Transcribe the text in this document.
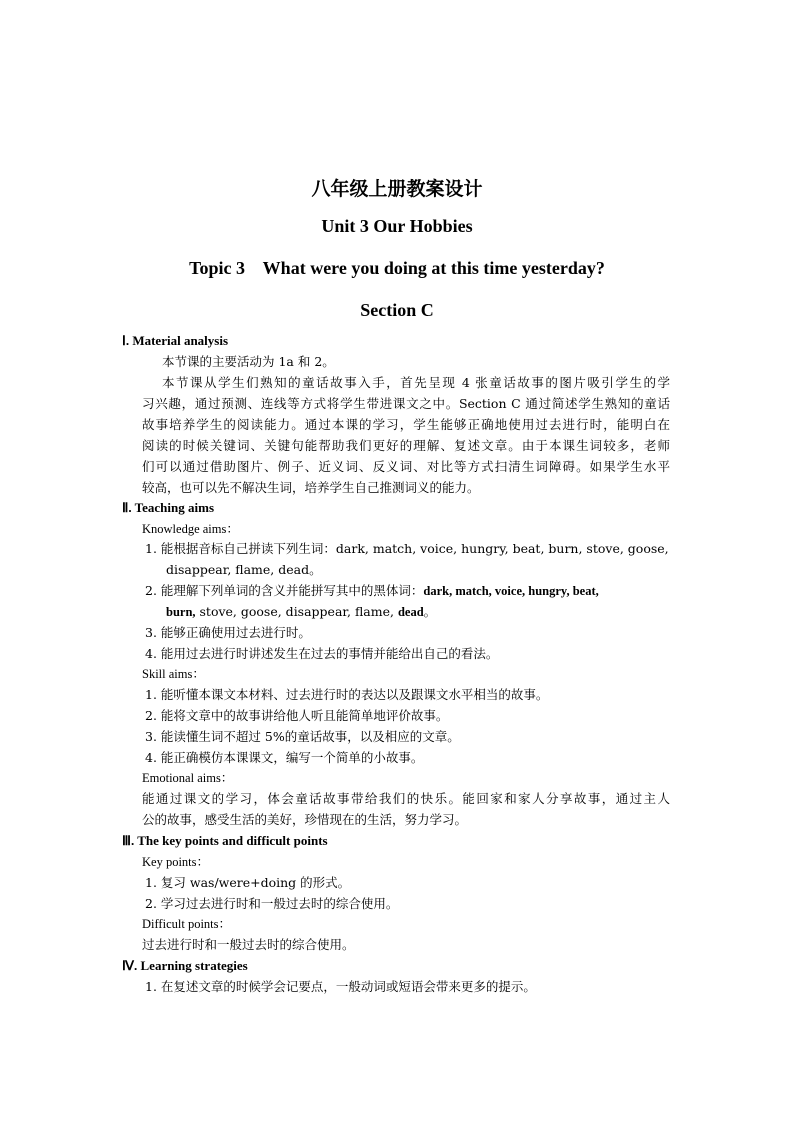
八年级上册教案设计
Unit 3 Our Hobbies
Topic 3    What were you doing at this time yesterday?
Section C
Ⅰ. Material analysis
本节课的主要活动为 1a 和 2。
本节课从学生们熟知的童话故事入手，首先呈现 4 张童话故事的图片吸引学生的学
习兴趣，通过预测、连线等方式将学生带进课文之中。Section C 通过简述学生熟知的童话
故事培养学生的阅读能力。通过本课的学习，学生能够正确地使用过去进行时，能明白在
阅读的时候关键词、关键句能帮助我们更好的理解、复述文章。由于本课生词较多，老师
们可以通过借助图片、例子、近义词、反义词、对比等方式扫清生词障碍。如果学生水平
较高，也可以先不解决生词，培养学生自己推测词义的能力。
Ⅱ. Teaching aims
Knowledge aims：
1. 能根据音标自己拼读下列生词：dark, match, voice, hungry, beat, burn, stove, goose,
disappear, flame, dead。
2. 能理解下列单词的含义并能拼写其中的黑体词：dark, match, voice, hungry, beat,
burn, stove, goose, disappear, flame, dead。
3. 能够正确使用过去进行时。
4. 能用过去进行时讲述发生在过去的事情并能给出自己的看法。
Skill aims：
1. 能听懂本课文本材料、过去进行时的表达以及跟课文水平相当的故事。
2. 能将文章中的故事讲给他人听且能简单地评价故事。
3. 能读懂生词不超过 5%的童话故事，以及相应的文章。
4. 能正确模仿本课课文，编写一个简单的小故事。
Emotional aims：
能通过课文的学习，体会童话故事带给我们的快乐。能回家和家人分享故事，通过主人
公的故事，感受生活的美好，珍惜现在的生活，努力学习。
Ⅲ. The key points and difficult points
Key points：
1. 复习 was/were+doing 的形式。
2. 学习过去进行时和一般过去时的综合使用。
Difficult points：
过去进行时和一般过去时的综合使用。
Ⅳ. Learning strategies
1. 在复述文章的时候学会记要点，一般动词或短语会带来更多的提示。
